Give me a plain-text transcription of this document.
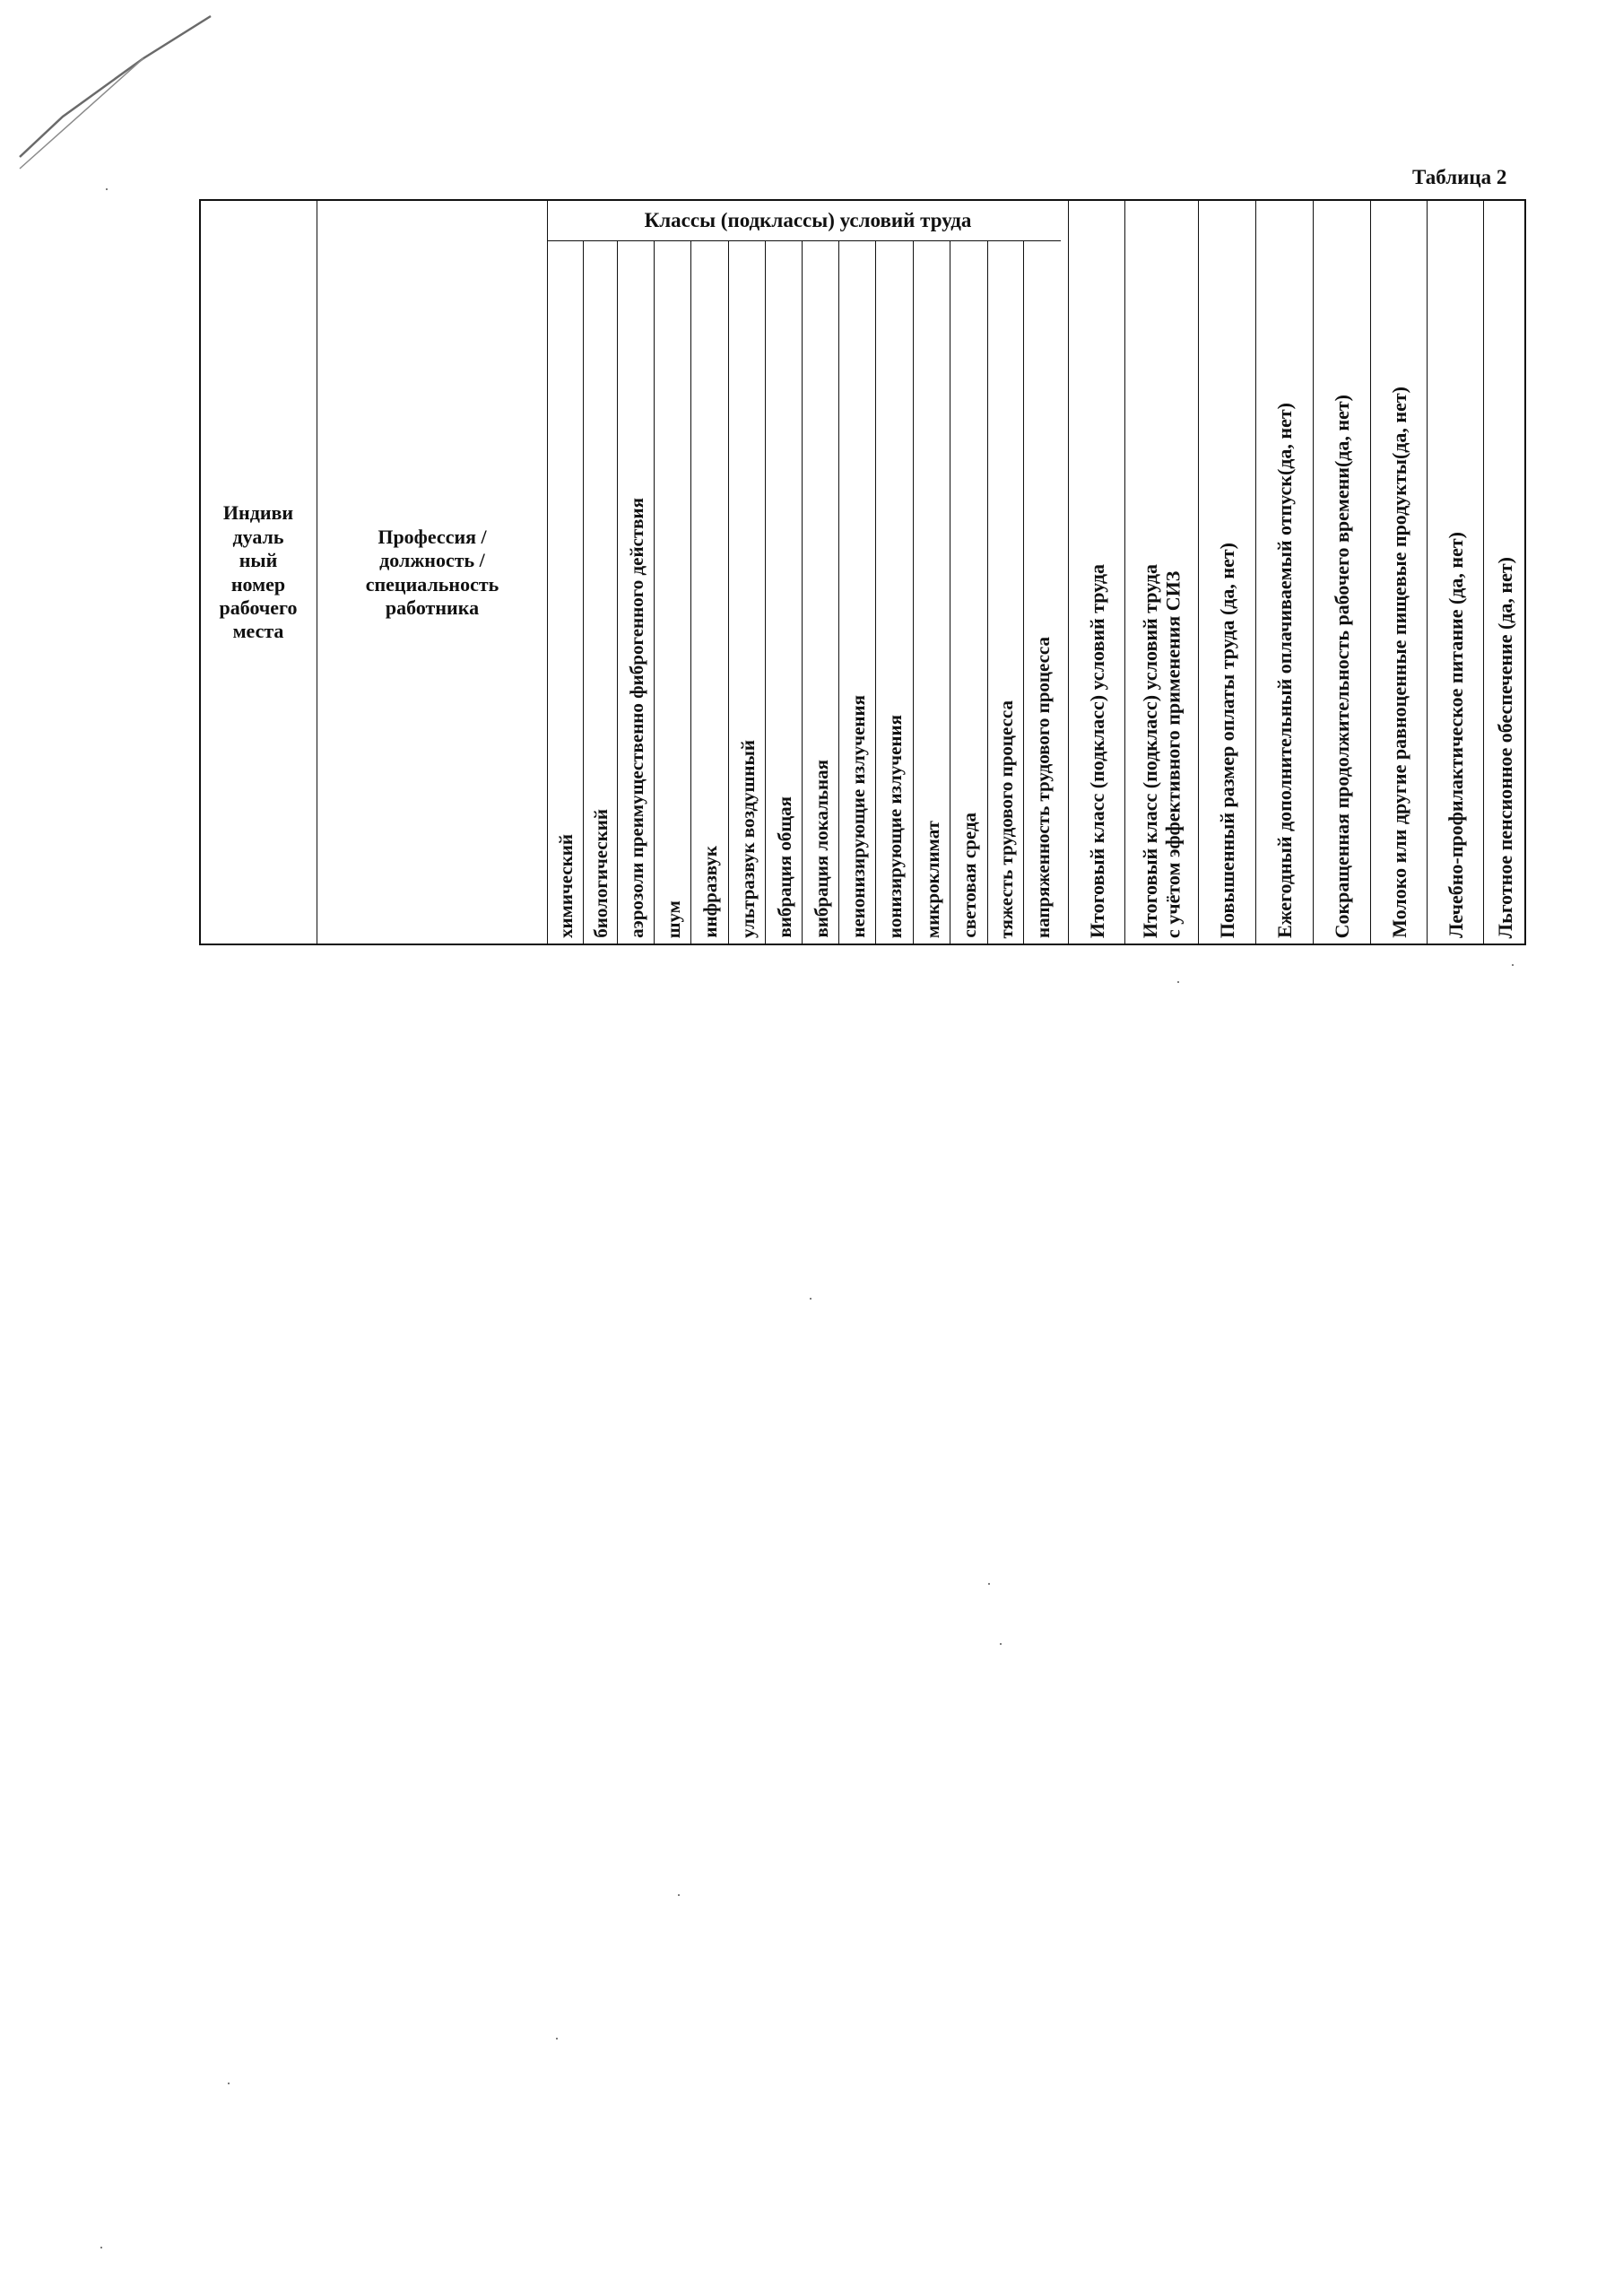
Таблица 2
Индиви
дуаль
ный
номер
рабочего
места
Профессия /
должность /
специальность
работника
Классы (подклассы) условий труда
химический биологический аэрозоли преимущественно фиброгенного действия шум инфразвук ультразвук воздушный вибрация общая вибрация локальная неионизирующие излучения ионизирующие излучения микроклимат световая среда тяжесть трудового процесса напряженность трудового процесса Итоговый класс (подкласс) условий труда Итоговый класс (подкласс) условий труда
с учётом эффективного применения СИЗ Повышенный размер оплаты труда (да, нет) Ежегодный дополнительный оплачиваемый отпуск(да, нет) Сокращенная продолжительность рабочего времени(да, нет) Молоко или другие равноценные пищевые продукты(да, нет) Лечебно-профилактическое питание (да, нет) Льготное пенсионное обеспечение (да, нет)
